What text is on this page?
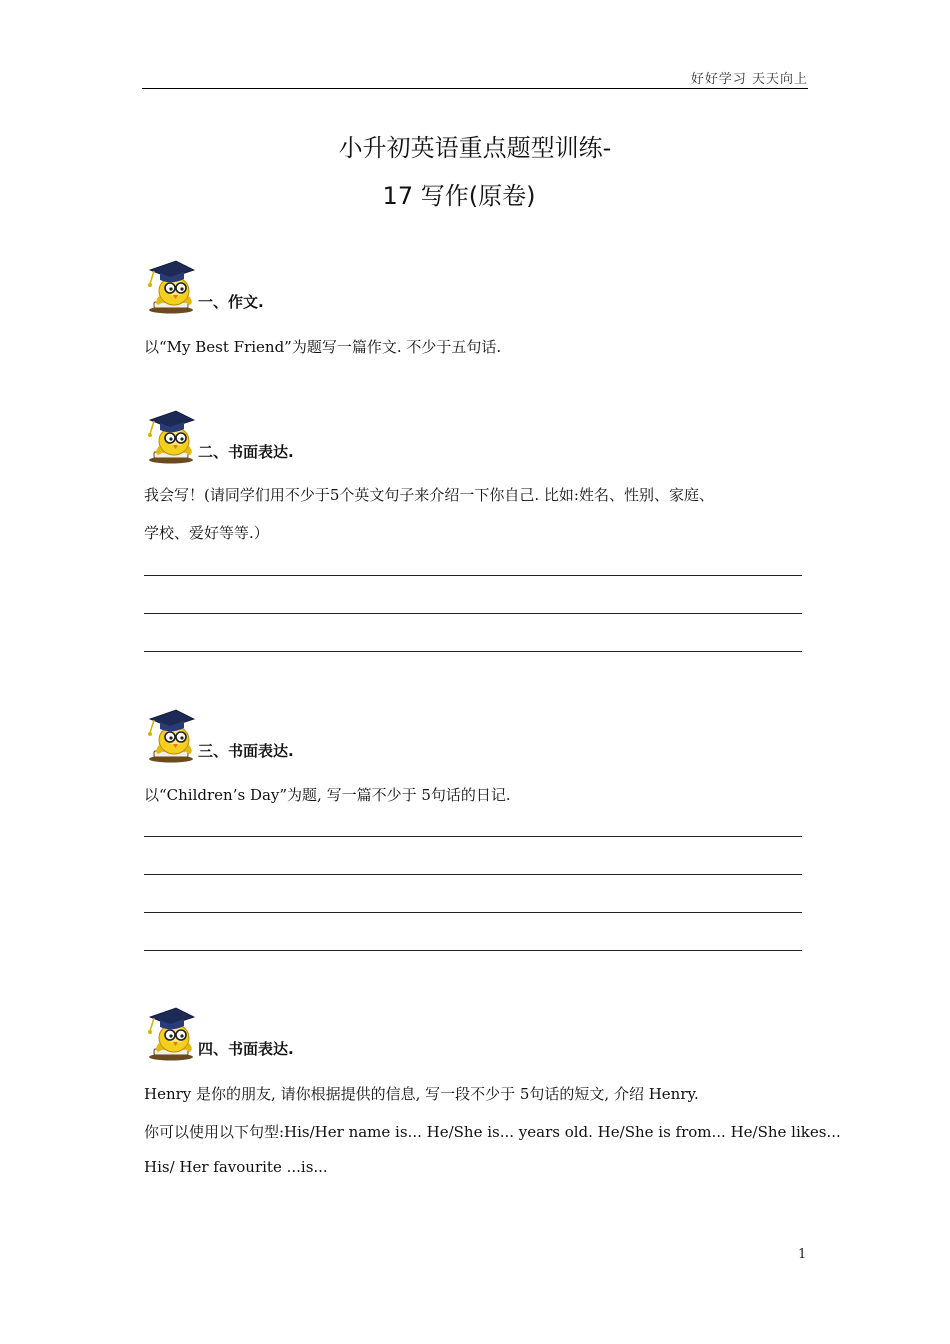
好好学习 天天向上
小升初英语重点题型训练-
17 写作(原卷)
一、作文.
以“My Best Friend”为题写一篇作文. 不少于五句话.
二、书面表达.
我会写！(请同学们用不少于5个英文句子来介绍一下你自己. 比如:姓名、性别、家庭、
学校、爱好等等.）
三、书面表达.
以“Children’s Day”为题, 写一篇不少于 5句话的日记.
四、书面表达.
Henry 是你的朋友, 请你根据提供的信息, 写一段不少于 5句话的短文, 介绍 Henry.
你可以使用以下句型:His/Her name is... He/She is... years old. He/She is from... He/She likes...
His/ Her favourite ...is...
1
